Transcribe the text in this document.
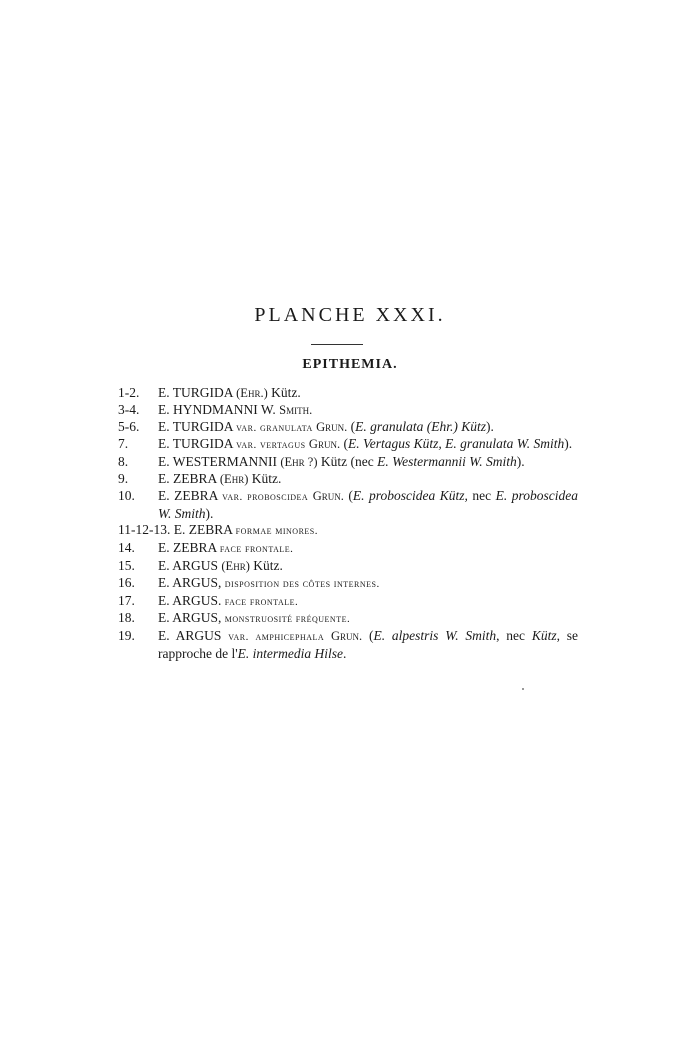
PLANCHE XXXI.
EPITHEMIA.
1-2. E. TURGIDA (Ehr.) Kütz.
3-4. E. HYNDMANNI W. Smith.
5-6. E. TURGIDA var. granulata Grun. (E. granulata (Ehr.) Kütz).
7. E. TURGIDA var. vertagus Grun. (E. Vertagus Kütz, E. granulata W. Smith).
8. E. WESTERMANNII (Ehr ?) Kütz (nec E. Westermannii W. Smith).
9. E. ZEBRA (Ehr) Kütz.
10. E. ZEBRA var. proboscidea Grun. (E. proboscidea Kütz, nec E. proboscidea W. Smith).
11-12-13. E. ZEBRA formae minores.
14. E. ZEBRA face frontale.
15. E. ARGUS (Ehr) Kütz.
16. E. ARGUS, disposition des côtes internes.
17. E. ARGUS. face frontale.
18. E. ARGUS, monstruosité fréquente.
19. E. ARGUS var. amphicephala Grun. (E. alpestris W. Smith, nec Kütz, se rapproche de l'E. intermedia Hilse.
